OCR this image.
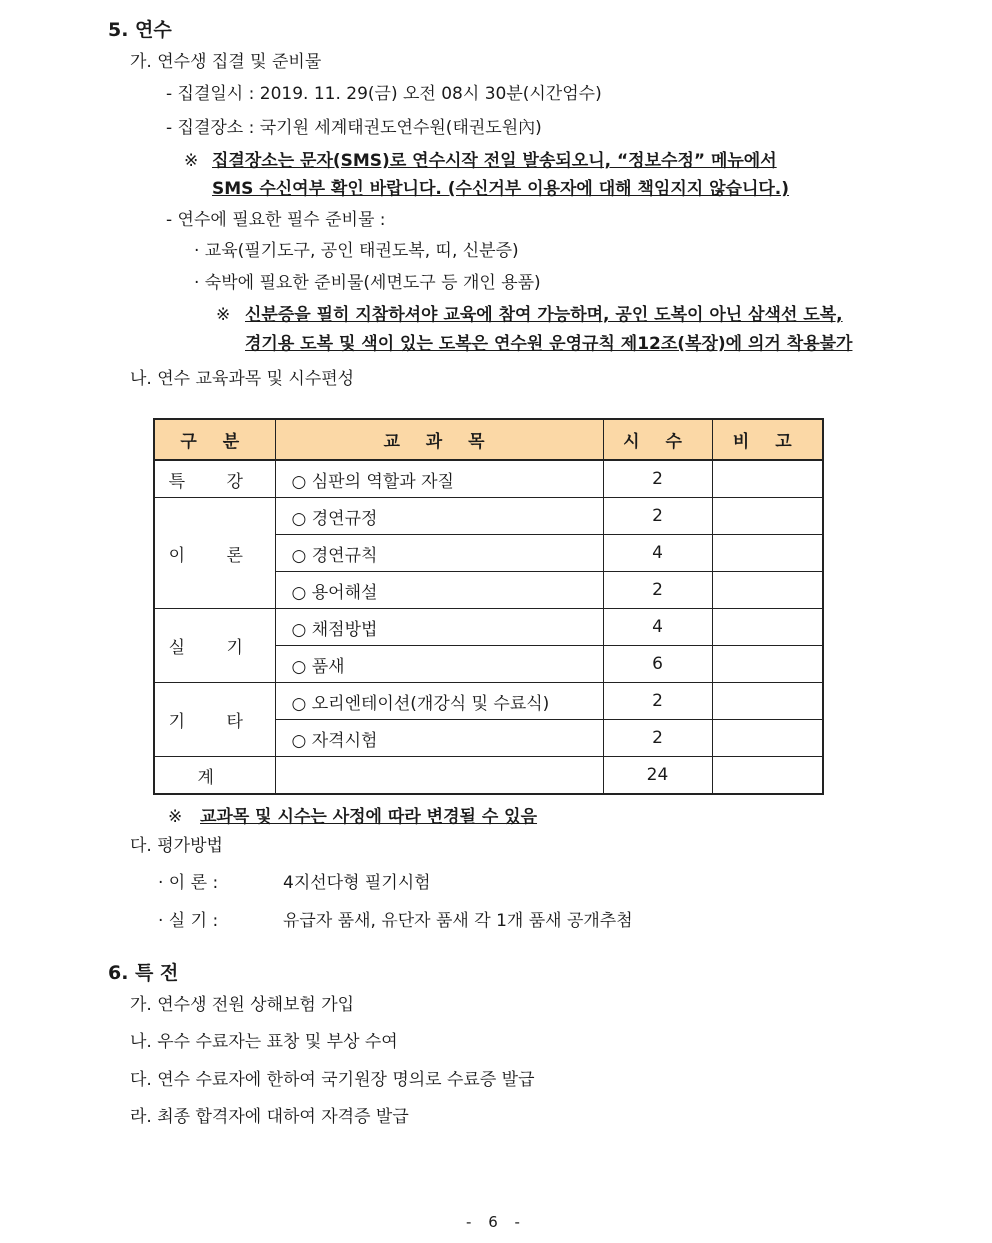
5. 연수
가. 연수생 집결 및 준비물
- 집결일시 : 2019. 11. 29(금) 오전 08시 30분(시간엄수)
- 집결장소 : 국기원 세계태권도연수원(태권도원內)
※ 집결장소는 문자(SMS)로 연수시작 전일 발송되오니, “정보수정” 메뉴에서
SMS 수신여부 확인 바랍니다. (수신거부 이용자에 대해 책임지지 않습니다.)
- 연수에 필요한 필수 준비물 :
· 교육(필기도구, 공인 태권도복, 띠, 신분증)
· 숙박에 필요한 준비물(세면도구 등 개인 용품)
※ 신분증을 필히 지참하셔야 교육에 참여 가능하며, 공인 도복이 아닌 삼색선 도복,
경기용 도복 및 색이 있는 도복은 연수원 운영규칙 제12조(복장)에 의거 착용불가
나. 연수 교육과목 및 시수편성
구 분	교 과 목	시 수	비 고
특 강	○ 심판의 역할과 자질	2	
이 론	○ 경연규정	2	
	○ 경연규칙	4	
	○ 용어해설	2	
실 기	○ 채점방법	4	
	○ 품새	6	
기 타	○ 오리엔테이션(개강식 및 수료식)	2	
	○ 자격시험	2	
계		24	
※ 교과목 및 시수는 사정에 따라 변경될 수 있음
다. 평가방법
· 이 론 :	4지선다형 필기시험
· 실 기 :	유급자 품새, 유단자 품새 각 1개 품새 공개추첨
6. 특 전
가. 연수생 전원 상해보험 가입
나. 우수 수료자는 표창 및 부상 수여
다. 연수 수료자에 한하여 국기원장 명의로 수료증 발급
라. 최종 합격자에 대하여 자격증 발급
- 6 -
